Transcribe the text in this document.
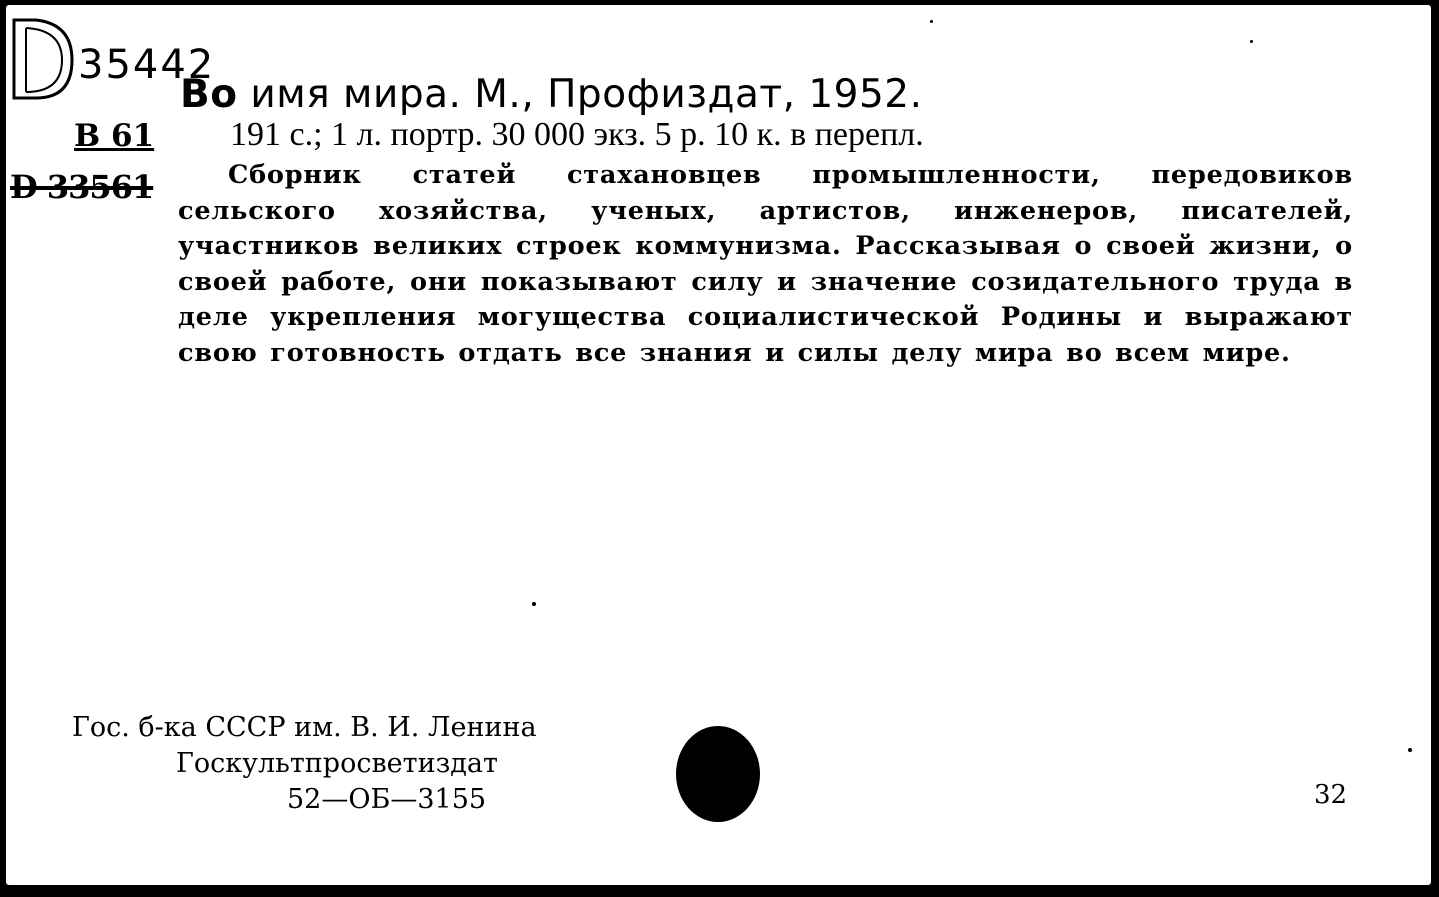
35442
В 61
D 33561
Во имя мира. М., Профиздат, 1952.
191 с.; 1 л. портр. 30 000 экз. 5 р. 10 к. в перепл.
Сборник статей стахановцев промышленности, передовиков сельского хозяйства, ученых, артистов, инженеров, писателей, участников великих строек коммунизма. Рассказывая о своей жизни, о своей работе, они показывают силу и значение созидательного труда в деле укрепления могущества социалистической Родины и выражают свою готовность отдать все знания и силы делу мира во всем мире.
Гос. б-ка СССР им. В. И. Ленина
Госкультпросветиздат
52—ОБ—3155	32
